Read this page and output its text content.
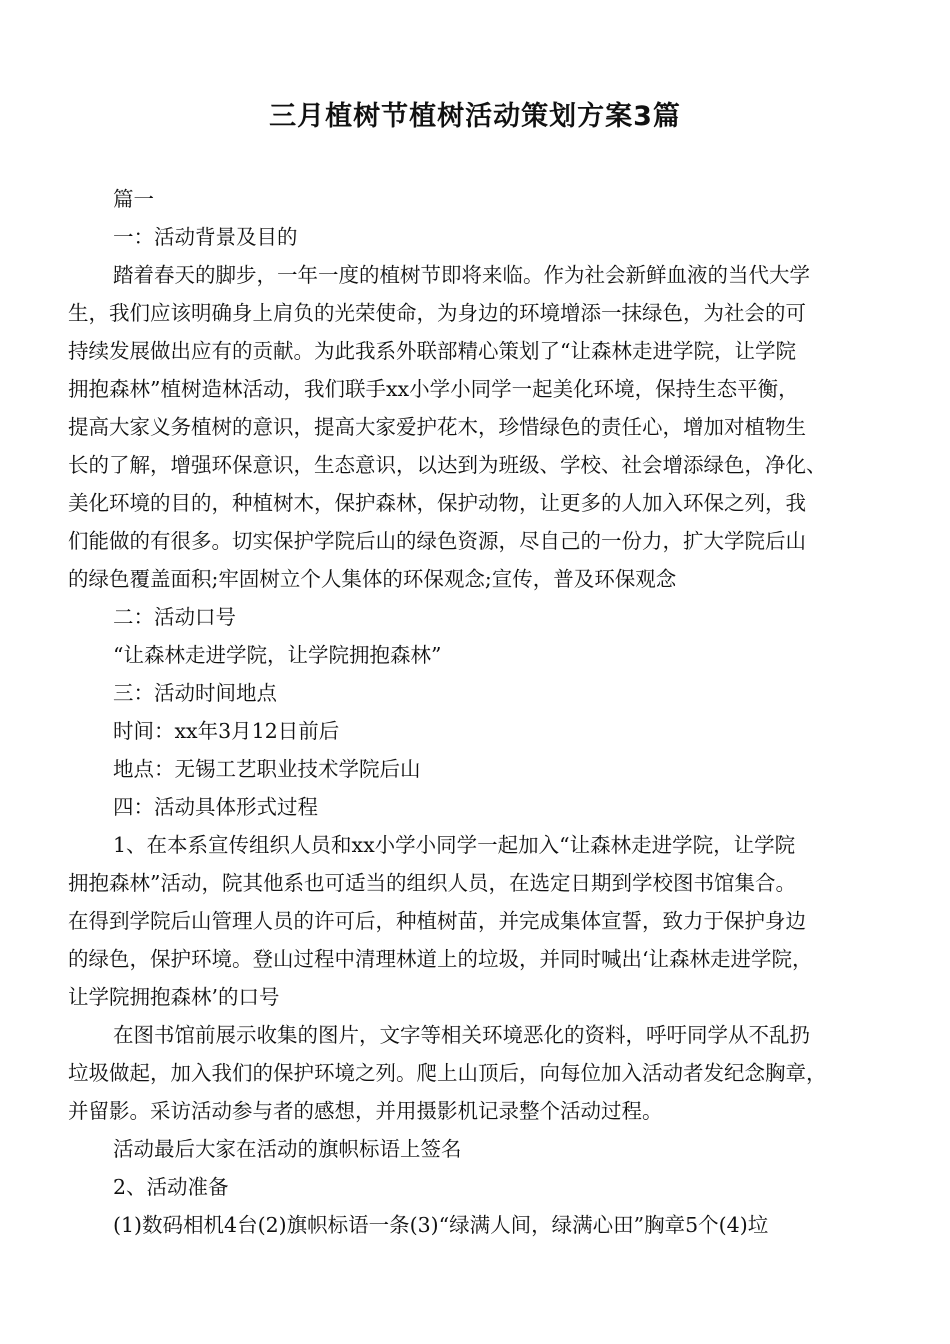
三月植树节植树活动策划方案3篇

篇一

一：活动背景及目的

踏着春天的脚步，一年一度的植树节即将来临。作为社会新鲜血液的当代大学

生，我们应该明确身上肩负的光荣使命，为身边的环境增添一抹绿色，为社会的可

持续发展做出应有的贡献。为此我系外联部精心策划了“让森林走进学院，让学院

拥抱森林”植树造林活动，我们联手xx小学小同学一起美化环境，保持生态平衡，

提高大家义务植树的意识，提高大家爱护花木，珍惜绿色的责任心，增加对植物生

长的了解，增强环保意识，生态意识，以达到为班级、学校、社会增添绿色，净化、

美化环境的目的，种植树木，保护森林，保护动物，让更多的人加入环保之列，我

们能做的有很多。切实保护学院后山的绿色资源，尽自己的一份力，扩大学院后山

的绿色覆盖面积;牢固树立个人集体的环保观念;宣传，普及环保观念

二：活动口号

“让森林走进学院，让学院拥抱森林”

三：活动时间地点

时间：xx年3月12日前后

地点：无锡工艺职业技术学院后山

四：活动具体形式过程

1、在本系宣传组织人员和xx小学小同学一起加入“让森林走进学院，让学院

拥抱森林”活动，院其他系也可适当的组织人员，在选定日期到学校图书馆集合。

在得到学院后山管理人员的许可后，种植树苗，并完成集体宣誓，致力于保护身边

的绿色，保护环境。登山过程中清理林道上的垃圾，并同时喊出‘让森林走进学院，

让学院拥抱森林’的口号

在图书馆前展示收集的图片，文字等相关环境恶化的资料，呼吁同学从不乱扔

垃圾做起，加入我们的保护环境之列。爬上山顶后，向每位加入活动者发纪念胸章，

并留影。采访活动参与者的感想，并用摄影机记录整个活动过程。

活动最后大家在活动的旗帜标语上签名

2、活动准备

(1)数码相机4台(2)旗帜标语一条(3)“绿满人间，绿满心田”胸章5个(4)垃
